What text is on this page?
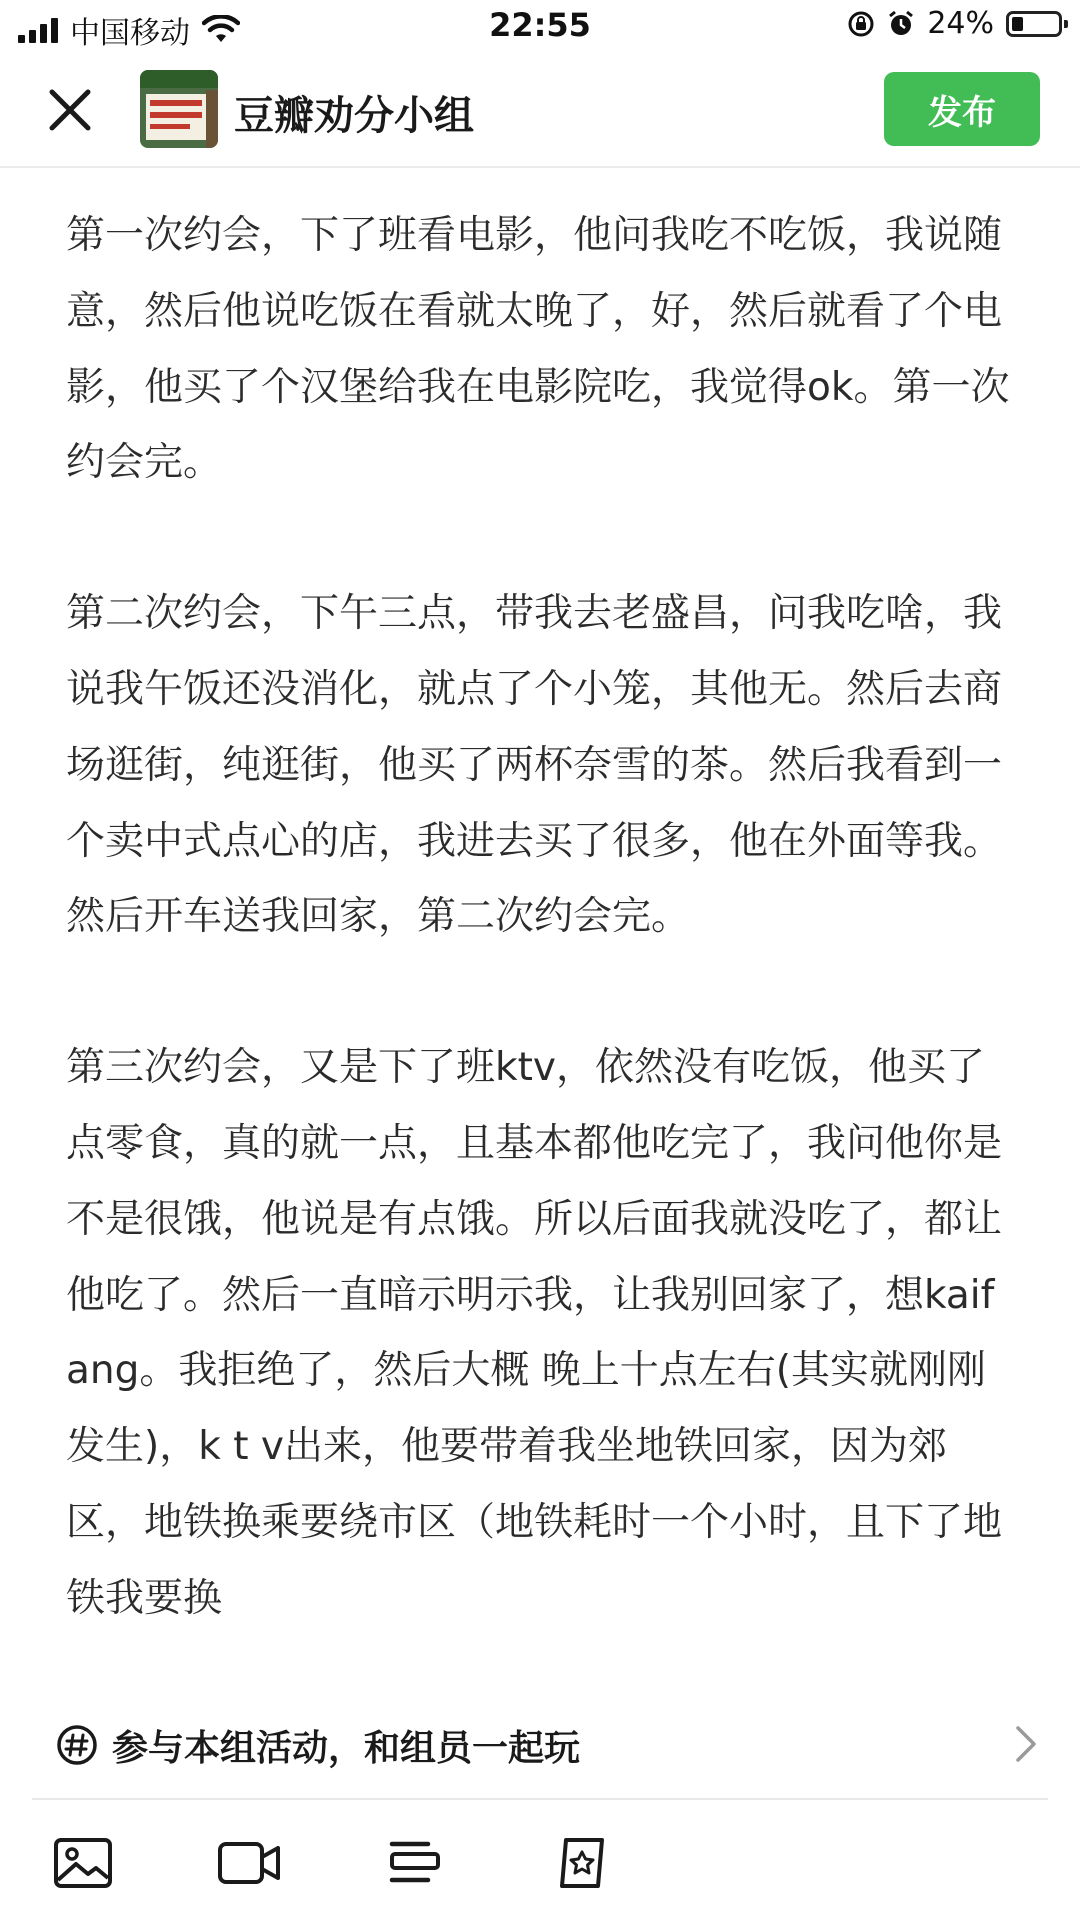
中国移动	22:55	24%
豆瓣劝分小组	发布

第一次约会，下了班看电影，他问我吃不吃饭，我说随意，然后他说吃饭在看就太晚了，好，然后就看了个电影，他买了个汉堡给我在电影院吃，我觉得ok。第一次约会完。

第二次约会，下午三点，带我去老盛昌，问我吃啥，我说我午饭还没消化，就点了个小笼，其他无。然后去商场逛街，纯逛街，他买了两杯奈雪的茶。然后我看到一个卖中式点心的店，我进去买了很多，他在外面等我。然后开车送我回家，第二次约会完。

第三次约会，又是下了班ktv，依然没有吃饭，他买了点零食，真的就一点，且基本都他吃完了，我问他你是不是很饿，他说是有点饿。所以后面我就没吃了，都让他吃了。然后一直暗示明示我，让我别回家了，想kaifang。我拒绝了，然后大概 晚上十点左右(其实就刚刚发生)，k t v出来，他要带着我坐地铁回家，因为郊区，地铁换乘要绕市区（地铁耗时一个小时，且下了地铁我要换

参与本组活动，和组员一起玩
